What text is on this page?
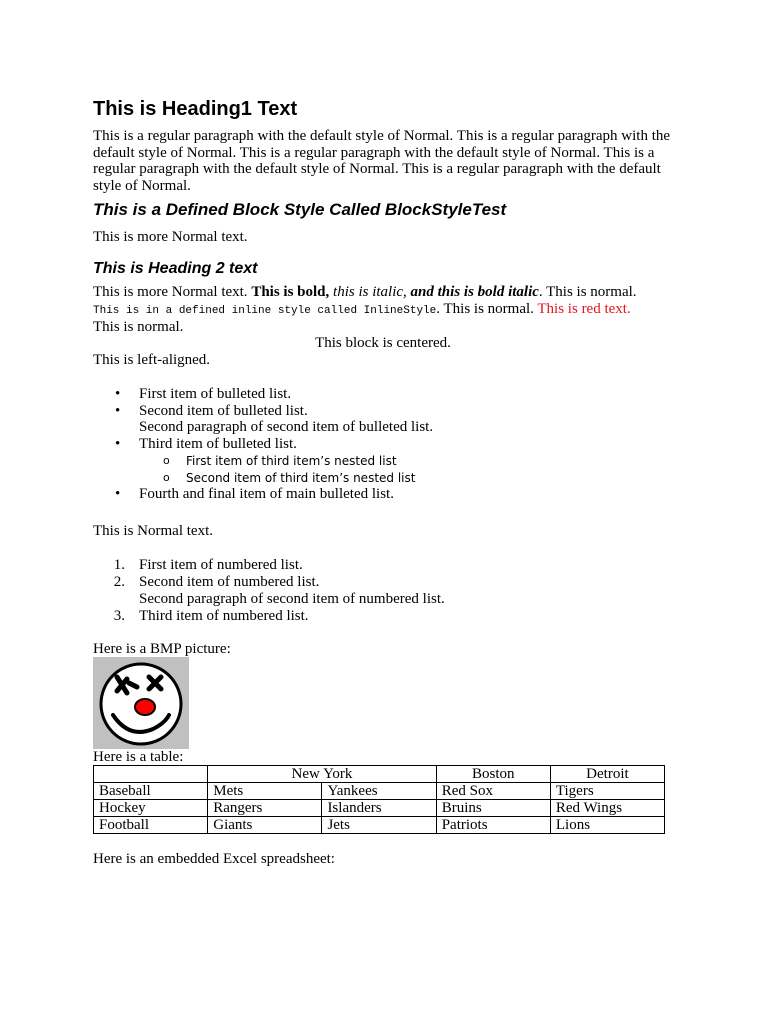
This is Heading1 Text
This is a regular paragraph with the default style of Normal. This is a regular paragraph with the default style of Normal. This is a regular paragraph with the default style of Normal. This is a regular paragraph with the default style of Normal. This is a regular paragraph with the default style of Normal.
This is a Defined Block Style Called BlockStyleTest
This is more Normal text.
This is Heading 2 text
This is more Normal text. This is bold, this is italic, and this is bold italic. This is normal.
This is in a defined inline style called InlineStyle. This is normal. This is red text.
This is normal.
This block is centered.
This is left-aligned.
• First item of bulleted list.
• Second item of bulleted list.
Second paragraph of second item of bulleted list.
• Third item of bulleted list.
o First item of third item’s nested list
o Second item of third item’s nested list
• Fourth and final item of main bulleted list.
This is Normal text.
1. First item of numbered list.
2. Second item of numbered list.
Second paragraph of second item of numbered list.
3. Third item of numbered list.
Here is a BMP picture:
Here is a table:
	New York		Boston	Detroit
Baseball	Mets	Yankees	Red Sox	Tigers
Hockey	Rangers	Islanders	Bruins	Red Wings
Football	Giants	Jets	Patriots	Lions
Here is an embedded Excel spreadsheet:
